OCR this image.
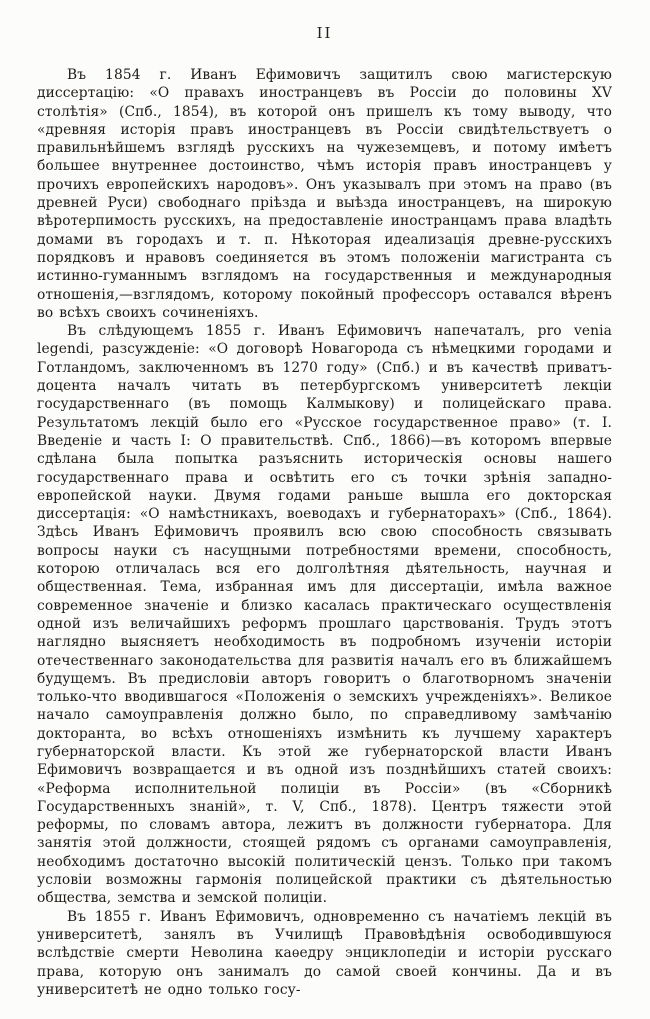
II

Въ 1854 г. Иванъ Ефимовичъ защитилъ свою магистерскую диссертацію: «О правахъ иностранцевъ въ Россіи до половины XV столѣтія» (Спб., 1854), въ которой онъ пришелъ къ тому выводу, что «древняя исторія правъ иностранцевъ въ Россіи свидѣтельствуетъ о правильнѣйшемъ взглядѣ русскихъ на чужеземцевъ, и потому имѣетъ большее внутреннее достоинство, чѣмъ исторія правъ иностранцевъ у прочихъ европейскихъ народовъ». Онъ указывалъ при этомъ на право (въ древней Руси) свободнаго пріѣзда и выѣзда иностранцевъ, на широкую вѣротерпимость русскихъ, на предоставленіе иностранцамъ права владѣть домами въ городахъ и т. п. Нѣкоторая идеализація древне-русскихъ порядковъ и нравовъ соединяется въ этомъ положеніи магистранта съ истинно-гуманнымъ взглядомъ на государственныя и международныя отношенія,—взглядомъ, которому покойный профессоръ оставался вѣренъ во всѣхъ своихъ сочиненіяхъ.

Въ слѣдующемъ 1855 г. Иванъ Ефимовичъ напечаталъ, pro venia legendi, разсужденіе: «О договорѣ Новагорода съ нѣмецкими городами и Готландомъ, заключенномъ въ 1270 году» (Спб.) и въ качествѣ приватъ-доцента началъ читать въ петербургскомъ университетѣ лекціи государственнаго (въ помощь Калмыкову) и полицейскаго права. Результатомъ лекцій было его «Русское государственное право» (т. I. Введеніе и часть I: О правительствѣ. Спб., 1866)—въ которомъ впервые сдѣлана была попытка разъяснить историческія основы нашего государственнаго права и освѣтить его съ точки зрѣнія западно-европейской науки. Двумя годами раньше вышла его докторская диссертація: «О намѣстникахъ, воеводахъ и губернаторахъ» (Спб., 1864). Здѣсь Иванъ Ефимовичъ проявилъ всю свою способность связывать вопросы науки съ насущными потребностями времени, способность, которою отличалась вся его долголѣтняя дѣятельность, научная и общественная. Тема, избранная имъ для диссертаціи, имѣла важное современное значеніе и близко касалась практическаго осуществленія одной изъ величайшихъ реформъ прошлаго царствованія. Трудъ этотъ наглядно выясняетъ необходимость въ подробномъ изученіи исторіи отечественнаго законодательства для развитія началъ его въ ближайшемъ будущемъ. Въ предисловіи авторъ говоритъ о благотворномъ значеніи только-что вводившагося «Положенія о земскихъ учрежденіяхъ». Великое начало самоуправленія должно было, по справедливому замѣчанію докторанта, во всѣхъ отношеніяхъ измѣнить къ лучшему характеръ губернаторской власти. Къ этой же губернаторской власти Иванъ Ефимовичъ возвращается и въ одной изъ позднѣйшихъ статей своихъ: «Реформа исполнительной полиціи въ Россіи» (въ «Сборникѣ Государственныхъ знаній», т. V, Спб., 1878). Центръ тяжести этой реформы, по словамъ автора, лежитъ въ должности губернатора. Для занятія этой должности, стоящей рядомъ съ органами самоуправленія, необходимъ достаточно высокій политическій цензъ. Только при такомъ условіи возможны гармонія полицейской практики съ дѣятельностью общества, земства и земской полиціи.

Въ 1855 г. Иванъ Ефимовичъ, одновременно съ начатіемъ лекцій въ университетѣ, занялъ въ Училищѣ Правовѣдѣнія освободившуюся вслѣдствіе смерти Неволина каѳедру энциклопедіи и исторіи русскаго права, которую онъ занималъ до самой своей кончины. Да и въ университетѣ не одно только госу-
